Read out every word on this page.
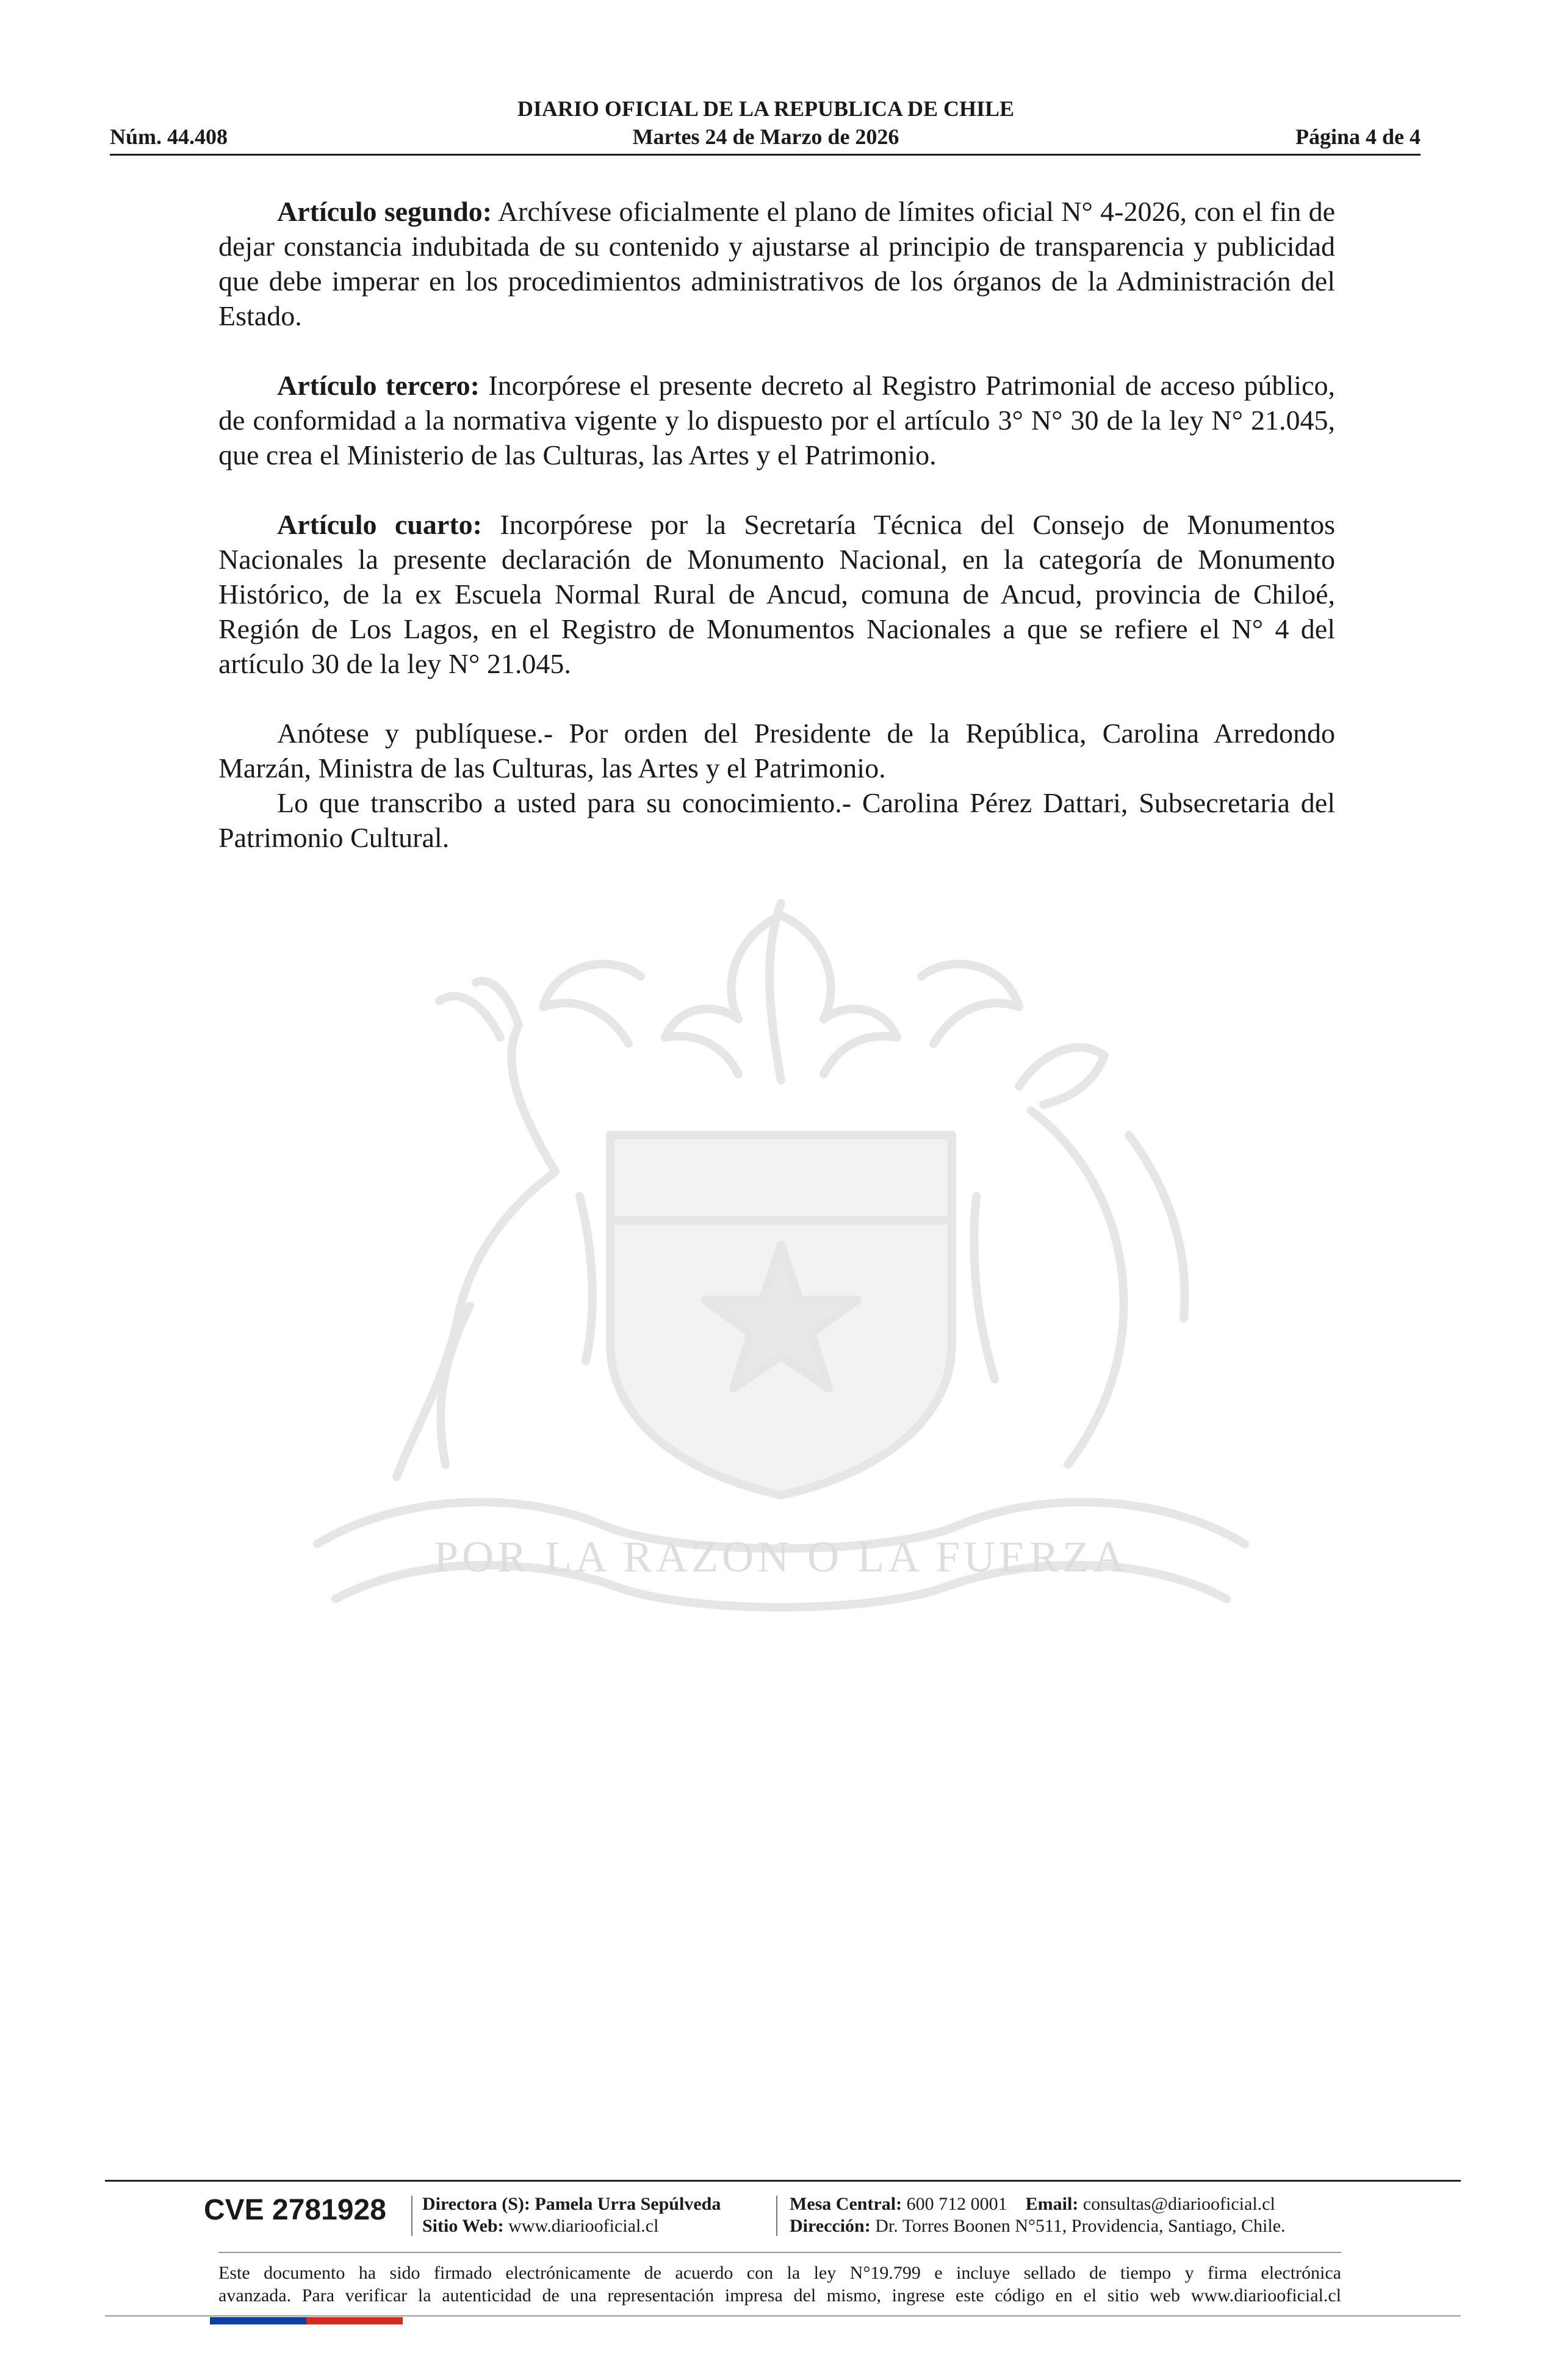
DIARIO OFICIAL DE LA REPUBLICA DE CHILE
Núm. 44.408	Martes 24 de Marzo de 2026	Página 4 de 4
POR LA RAZON O LA FUERZA

Artículo segundo: Archívese oficialmente el plano de límites oficial N° 4-2026, con el fin de dejar constancia indubitada de su contenido y ajustarse al principio de transparencia y publicidad que debe imperar en los procedimientos administrativos de los órganos de la Administración del Estado.

Artículo tercero: Incorpórese el presente decreto al Registro Patrimonial de acceso público, de conformidad a la normativa vigente y lo dispuesto por el artículo 3° N° 30 de la ley N° 21.045, que crea el Ministerio de las Culturas, las Artes y el Patrimonio.

Artículo cuarto: Incorpórese por la Secretaría Técnica del Consejo de Monumentos Nacionales la presente declaración de Monumento Nacional, en la categoría de Monumento Histórico, de la ex Escuela Normal Rural de Ancud, comuna de Ancud, provincia de Chiloé, Región de Los Lagos, en el Registro de Monumentos Nacionales a que se refiere el N° 4 del artículo 30 de la ley N° 21.045.

Anótese y publíquese.- Por orden del Presidente de la República, Carolina Arredondo Marzán, Ministra de las Culturas, las Artes y el Patrimonio.

Lo que transcribo a usted para su conocimiento.- Carolina Pérez Dattari, Subsecretaria del Patrimonio Cultural.

CVE 2781928 Directora (S): Pamela Urra Sepúlveda
Sitio Web: www.diariooficial.cl
Mesa Central: 600 712 0001 Email: consultas@diariooficial.cl
Dirección: Dr. Torres Boonen N°511, Providencia, Santiago, Chile.
Este documento ha sido firmado electrónicamente de acuerdo con la ley N°19.799 e incluye sellado de tiempo y firma electrónica
avanzada. Para verificar la autenticidad de una representación impresa del mismo, ingrese este código en el sitio web www.diariooficial.cl
